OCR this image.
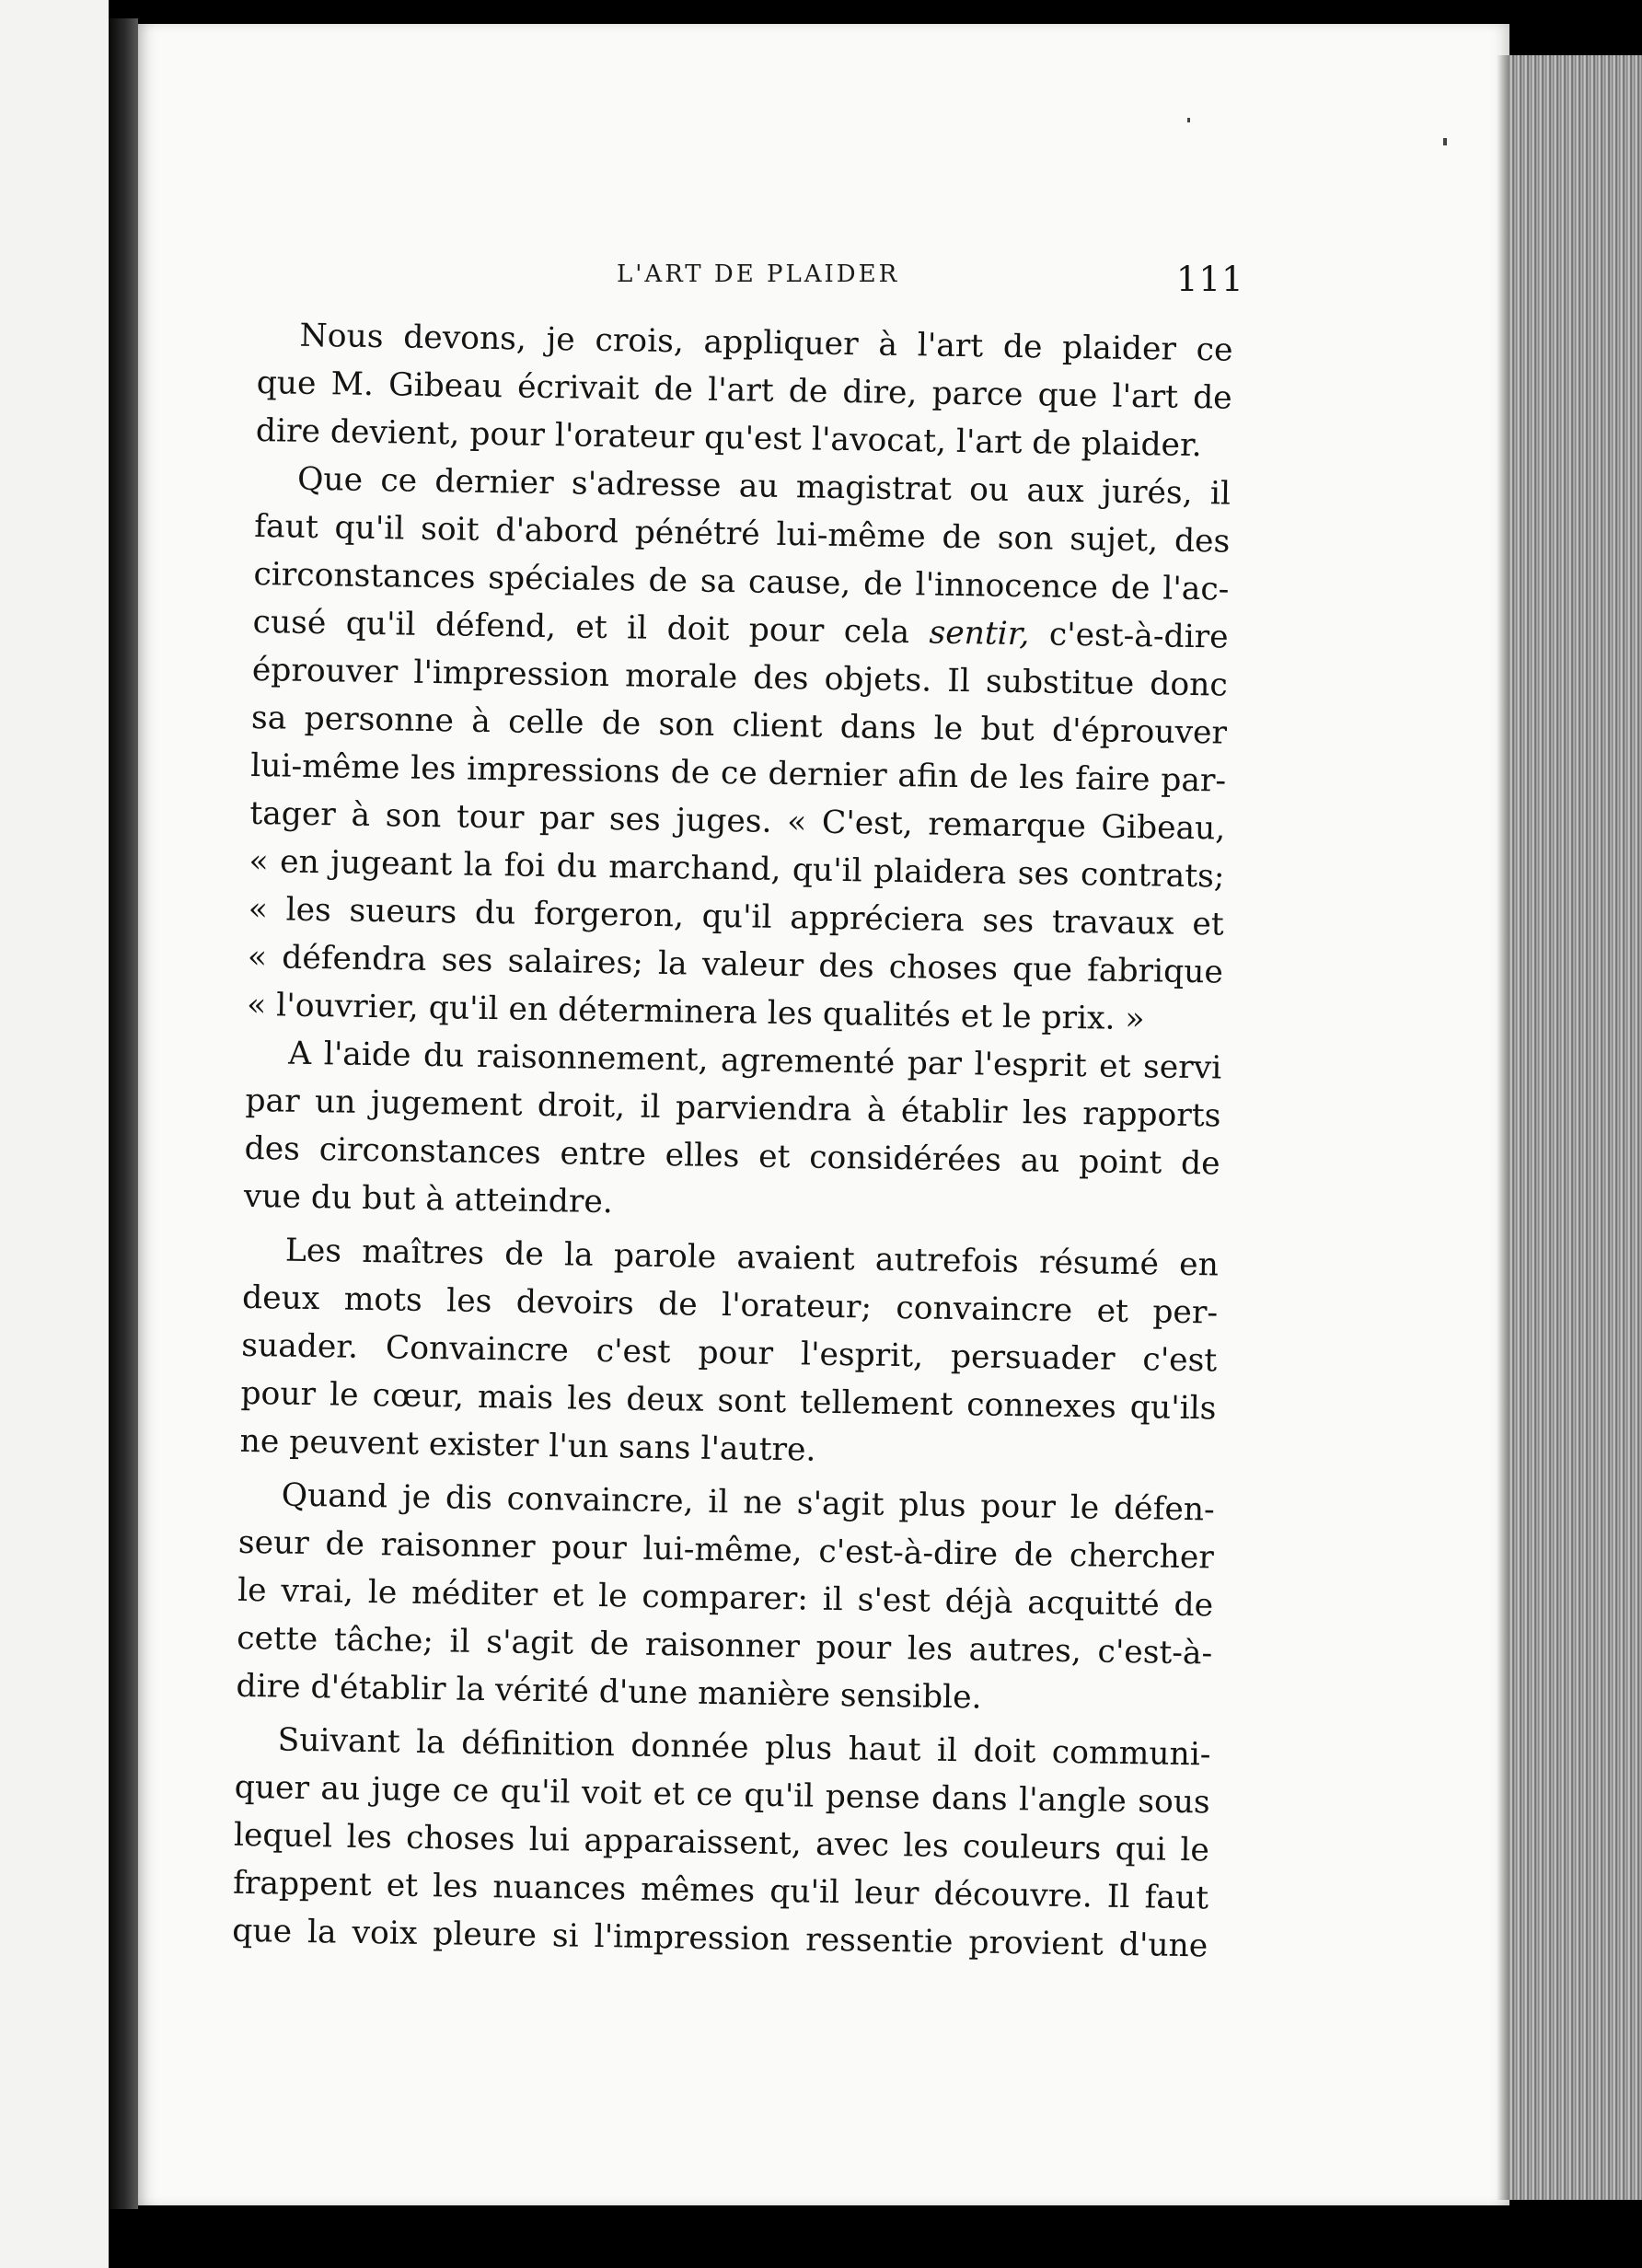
L'ART DE PLAIDER	111
Nous devons, je crois, appliquer à l'art de plaider ce
que M. Gibeau écrivait de l'art de dire, parce que l'art de
dire devient, pour l'orateur qu'est l'avocat, l'art de plaider.
Que ce dernier s'adresse au magistrat ou aux jurés, il
faut qu'il soit d'abord pénétré lui-même de son sujet, des
circonstances spéciales de sa cause, de l'innocence de l'ac-
cusé qu'il défend, et il doit pour cela sentir, c'est-à-dire
éprouver l'impression morale des objets. Il substitue donc
sa personne à celle de son client dans le but d'éprouver
lui-même les impressions de ce dernier afin de les faire par-
tager à son tour par ses juges. « C'est, remarque Gibeau,
« en jugeant la foi du marchand, qu'il plaidera ses contrats;
« les sueurs du forgeron, qu'il appréciera ses travaux et
« défendra ses salaires; la valeur des choses que fabrique
« l'ouvrier, qu'il en déterminera les qualités et le prix. »
A l'aide du raisonnement, agrementé par l'esprit et servi
par un jugement droit, il parviendra à établir les rapports
des circonstances entre elles et considérées au point de
vue du but à atteindre.
Les maîtres de la parole avaient autrefois résumé en
deux mots les devoirs de l'orateur; convaincre et per-
suader. Convaincre c'est pour l'esprit, persuader c'est
pour le cœur, mais les deux sont tellement connexes qu'ils
ne peuvent exister l'un sans l'autre.
Quand je dis convaincre, il ne s'agit plus pour le défen-
seur de raisonner pour lui-même, c'est-à-dire de chercher
le vrai, le méditer et le comparer: il s'est déjà acquitté de
cette tâche; il s'agit de raisonner pour les autres, c'est-à-
dire d'établir la vérité d'une manière sensible.
Suivant la définition donnée plus haut il doit communi-
quer au juge ce qu'il voit et ce qu'il pense dans l'angle sous
lequel les choses lui apparaissent, avec les couleurs qui le
frappent et les nuances mêmes qu'il leur découvre. Il faut
que la voix pleure si l'impression ressentie provient d'une
